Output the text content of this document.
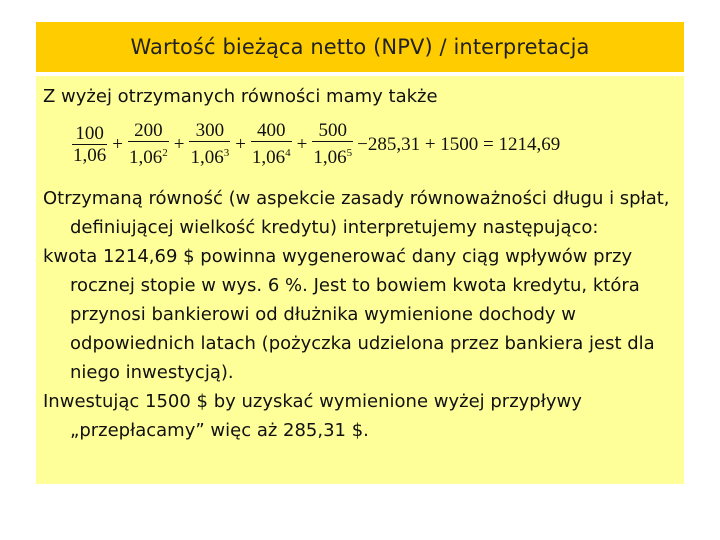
Wartość bieżąca netto (NPV) / interpretacja
Z wyżej otrzymanych równości mamy także
$\frac{100}{1,06} + \frac{200}{1,06^2} + \frac{300}{1,06^3} + \frac{400}{1,06^4} + \frac{500}{1,06^5} -285,31 + 1500 = 1214,69$

Otrzymaną równość (w aspekcie zasady równoważności długu i spłat, definiującej wielkość kredytu) interpretujemy następująco:

kwota 1214,69 $ powinna wygenerować dany ciąg wpływów przy rocznej stopie w wys. 6 %. Jest to bowiem kwota kredytu, która przynosi bankierowi od dłużnika wymienione dochody w odpowiednich latach (pożyczka udzielona przez bankiera jest dla niego inwestycją).

Inwestując 1500 $ by uzyskać wymienione wyżej przypływy „przepłacamy” więc aż 285,31 $.
